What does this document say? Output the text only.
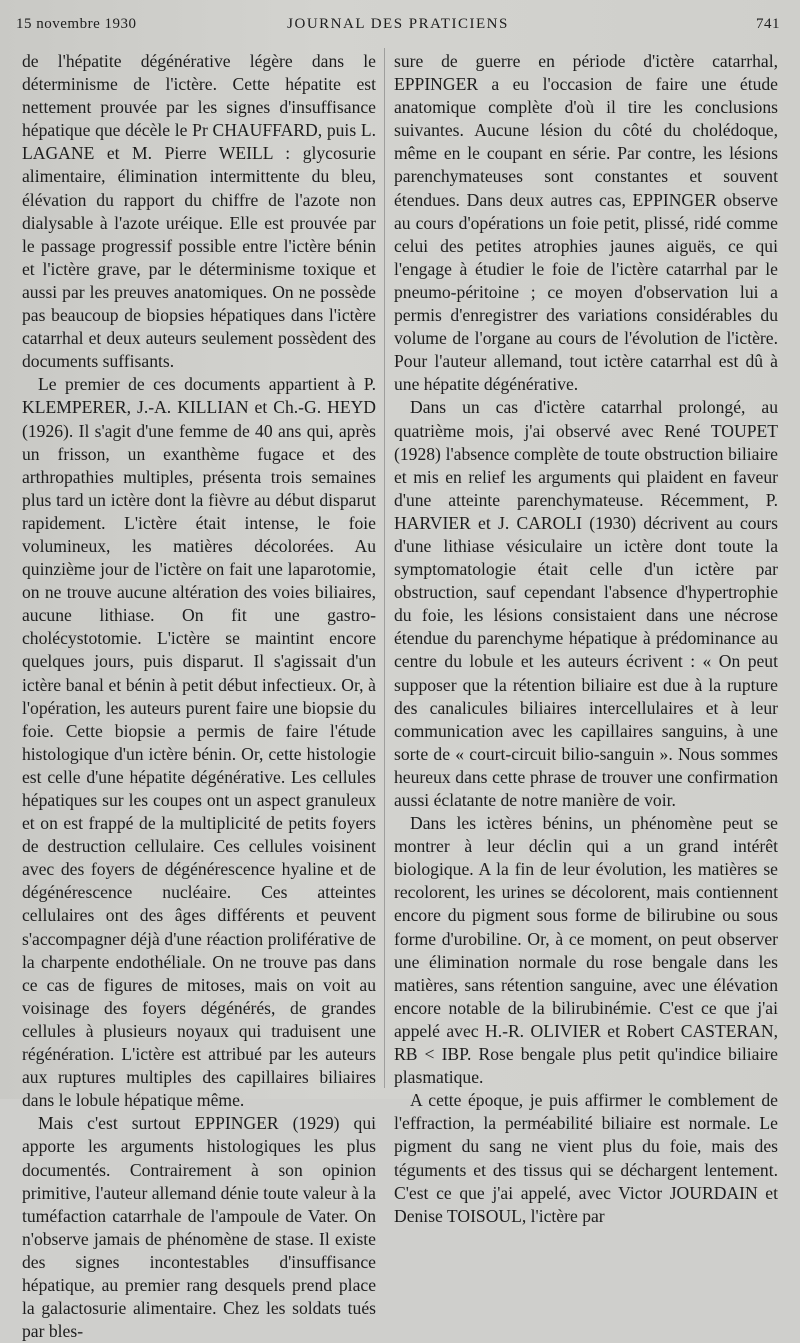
15 novembre 1930	JOURNAL DES PRATICIENS	741

de l'hépatite dégénérative légère dans le déterminisme de l'ictère. Cette hépatite est nettement prouvée par les signes d'insuffisance hépatique que décèle le Pr CHAUFFARD, puis L. LAGANE et M. Pierre WEILL : glycosurie alimentaire, élimination intermittente du bleu, élévation du rapport du chiffre de l'azote non dialysable à l'azote uréique. Elle est prouvée par le passage progressif possible entre l'ictère bénin et l'ictère grave, par le déterminisme toxique et aussi par les preuves anatomiques. On ne possède pas beaucoup de biopsies hépatiques dans l'ictère catarrhal et deux auteurs seulement possèdent des documents suffisants.

Le premier de ces documents appartient à P. KLEMPERER, J.-A. KILLIAN et Ch.-G. HEYD (1926). Il s'agit d'une femme de 40 ans qui, après un frisson, un exanthème fugace et des arthropathies multiples, présenta trois semaines plus tard un ictère dont la fièvre au début disparut rapidement. L'ictère était intense, le foie volumineux, les matières décolorées. Au quinzième jour de l'ictère on fait une laparotomie, on ne trouve aucune altération des voies biliaires, aucune lithiase. On fit une gastro-cholécystotomie. L'ictère se maintint encore quelques jours, puis disparut. Il s'agissait d'un ictère banal et bénin à petit début infectieux. Or, à l'opération, les auteurs purent faire une biopsie du foie. Cette biopsie a permis de faire l'étude histologique d'un ictère bénin. Or, cette histologie est celle d'une hépatite dégénérative. Les cellules hépatiques sur les coupes ont un aspect granuleux et on est frappé de la multiplicité de petits foyers de destruction cellulaire. Ces cellules voisinent avec des foyers de dégénérescence hyaline et de dégénérescence nucléaire. Ces atteintes cellulaires ont des âges différents et peuvent s'accompagner déjà d'une réaction proliférative de la charpente endothéliale. On ne trouve pas dans ce cas de figures de mitoses, mais on voit au voisinage des foyers dégénérés, de grandes cellules à plusieurs noyaux qui traduisent une régénération. L'ictère est attribué par les auteurs aux ruptures multiples des capillaires biliaires dans le lobule hépatique même.

Mais c'est surtout EPPINGER (1929) qui apporte les arguments histologiques les plus documentés. Contrairement à son opinion primitive, l'auteur allemand dénie toute valeur à la tuméfaction catarrhale de l'ampoule de Vater. On n'observe jamais de phénomène de stase. Il existe des signes incontestables d'insuffisance hépatique, au premier rang desquels prend place la galactosurie alimentaire. Chez les soldats tués par bles-

sure de guerre en période d'ictère catarrhal, EPPINGER a eu l'occasion de faire une étude anatomique complète d'où il tire les conclusions suivantes. Aucune lésion du côté du cholédoque, même en le coupant en série. Par contre, les lésions parenchymateuses sont constantes et souvent étendues. Dans deux autres cas, EPPINGER observe au cours d'opérations un foie petit, plissé, ridé comme celui des petites atrophies jaunes aiguës, ce qui l'engage à étudier le foie de l'ictère catarrhal par le pneumo-péritoine ; ce moyen d'observation lui a permis d'enregistrer des variations considérables du volume de l'organe au cours de l'évolution de l'ictère. Pour l'auteur allemand, tout ictère catarrhal est dû à une hépatite dégénérative.

Dans un cas d'ictère catarrhal prolongé, au quatrième mois, j'ai observé avec René TOUPET (1928) l'absence complète de toute obstruction biliaire et mis en relief les arguments qui plaident en faveur d'une atteinte parenchymateuse. Récemment, P. HARVIER et J. CAROLI (1930) décrivent au cours d'une lithiase vésiculaire un ictère dont toute la symptomatologie était celle d'un ictère par obstruction, sauf cependant l'absence d'hypertrophie du foie, les lésions consistaient dans une nécrose étendue du parenchyme hépatique à prédominance au centre du lobule et les auteurs écrivent : « On peut supposer que la rétention biliaire est due à la rupture des canalicules biliaires intercellulaires et à leur communication avec les capillaires sanguins, à une sorte de « court-circuit bilio-sanguin ». Nous sommes heureux dans cette phrase de trouver une confirmation aussi éclatante de notre manière de voir.

Dans les ictères bénins, un phénomène peut se montrer à leur déclin qui a un grand intérêt biologique. A la fin de leur évolution, les matières se recolorent, les urines se décolorent, mais contiennent encore du pigment sous forme de bilirubine ou sous forme d'urobiline. Or, à ce moment, on peut observer une élimination normale du rose bengale dans les matières, sans rétention sanguine, avec une élévation encore notable de la bilirubinémie. C'est ce que j'ai appelé avec H.-R. OLIVIER et Robert CASTERAN, RB < IBP. Rose bengale plus petit qu'indice biliaire plasmatique.

A cette époque, je puis affirmer le comblement de l'effraction, la perméabilité biliaire est normale. Le pigment du sang ne vient plus du foie, mais des téguments et des tissus qui se déchargent lentement. C'est ce que j'ai appelé, avec Victor JOURDAIN et Denise TOISOUL, l'ictère par
